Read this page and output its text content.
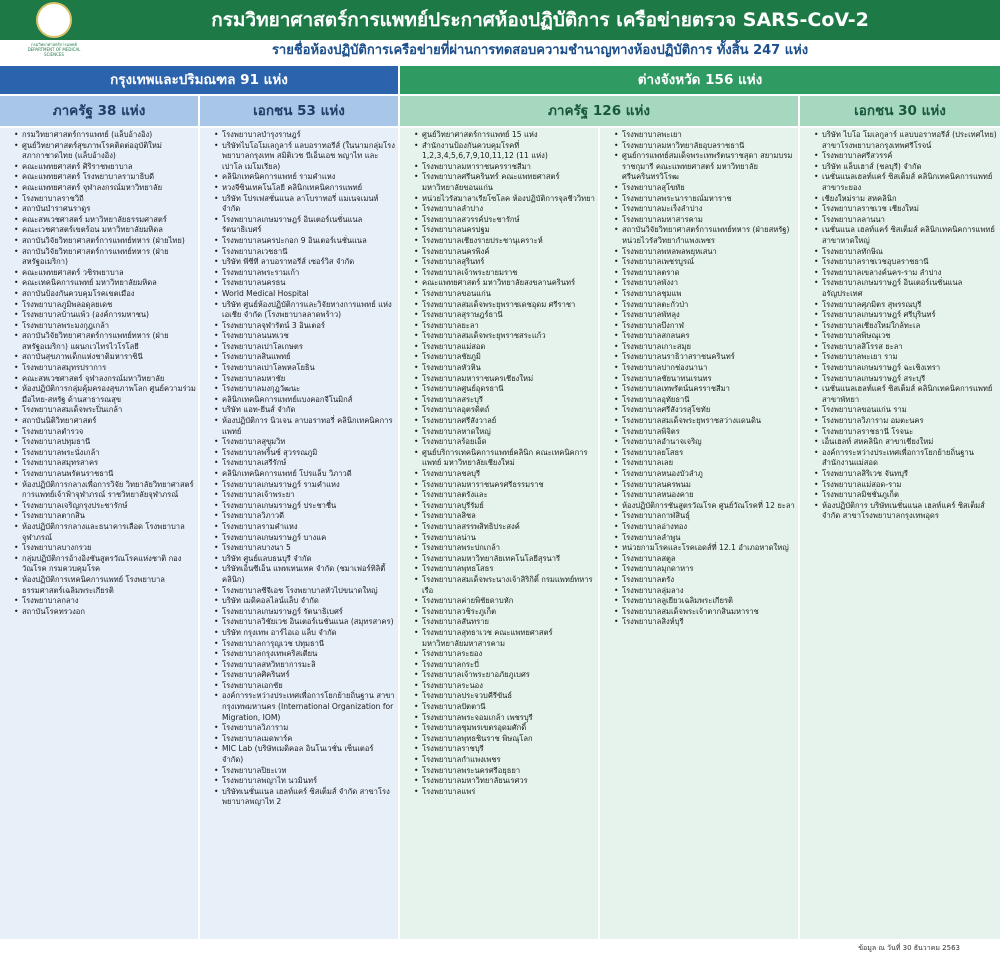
กรมวิทยาศาสตร์การแพทย์
DEPARTMENT OF MEDICAL SCIENCES
กรมวิทยาศาสตร์การแพทย์ประกาศห้องปฏิบัติการ เครือข่ายตรวจ SARS-CoV-2
รายชื่อห้องปฏิบัติการเครือข่ายที่ผ่านการทดสอบความชำนาญทางห้องปฏิบัติการ ทั้งสิ้น 247 แห่ง
กรุงเทพและปริมณฑล 91 แห่ง	ต่างจังหวัด 156 แห่ง
ภาครัฐ 38 แห่ง	เอกชน 53 แห่ง	ภาครัฐ 126 แห่ง	เอกชน 30 แห่ง
• กรมวิทยาศาสตร์การแพทย์ (แล็บอ้างอิง)
• ศูนย์วิทยาศาสตร์สุขภาพโรคติดต่ออุบัติใหม่ สภากาชาดไทย (แล็บอ้างอิง)
• คณะแพทยศาสตร์ ศิริราชพยาบาล
• คณะแพทยศาสตร์ โรงพยาบาลรามาธิบดี
• คณะแพทยศาสตร์ จุฬาลงกรณ์มหาวิทยาลัย
• โรงพยาบาลราชวิถี
• สถาบันบำราศนราดูร
• คณะสหเวชศาสตร์ มหาวิทยาลัยธรรมศาสตร์
• คณะเวชศาสตร์เขตร้อน มหาวิทยาลัยมหิดล
• สถาบันวิจัยวิทยาศาสตร์การแพทย์ทหาร (ฝ่ายไทย)
• สถาบันวิจัยวิทยาศาสตร์การแพทย์ทหาร (ฝ่ายสหรัฐอเมริกา)
• คณะแพทยศาสตร์ วชิรพยาบาล
• คณะเทคนิคการแพทย์ มหาวิทยาลัยมหิดล
• สถาบันป้องกันควบคุมโรคเขตเมือง
• โรงพยาบาลภูมิพลอดุลยเดช
• โรงพยาบาลบ้านแพ้ว (องค์การมหาชน)
• โรงพยาบาลพระมงกุฎเกล้า
• สถาบันวิจัยวิทยาศาสตร์การแพทย์ทหาร (ฝ่ายสหรัฐอเมริกา) แผนกเวไทรไวโรโลยี
• สถาบันสุขภาพเด็กแห่งชาติมหาราชินี
• โรงพยาบาลสมุทรปราการ
• คณะสหเวชศาสตร์ จุฬาลงกรณ์มหาวิทยาลัย
• ห้องปฏิบัติการกลุ่มคุ้มครองสุขภาพโลก ศูนย์ความร่วมมือไทย-สหรัฐ ด้านสาธารณสุข
• โรงพยาบาลสมเด็จพระปิ่นเกล้า
• สถาบันนิติวิทยาศาสตร์
• โรงพยาบาลตำรวจ
• โรงพยาบาลปทุมธานี
• โรงพยาบาลพระนั่งเกล้า
• โรงพยาบาลสมุทรสาคร
• โรงพยาบาลนพรัตนราชธานี
• ห้องปฏิบัติการกลางเพื่อการวิจัย วิทยาลัยวิทยาศาสตร์การแพทย์เจ้าฟ้าจุฬาภรณ์ ราชวิทยาลัยจุฬาภรณ์
• โรงพยาบาลเจริญกรุงประชารักษ์
• โรงพยาบาลตากสิน
• ห้องปฏิบัติการกลางและธนาคารเลือด โรงพยาบาลจุฬาภรณ์
• โรงพยาบาลบางกรวย
• กลุ่มปฏิบัติการอ้างอิงชันสูตรวัณโรคแห่งชาติ กองวัณโรค กรมควบคุมโรค
• ห้องปฏิบัติการเทคนิคการแพทย์ โรงพยาบาลธรรมศาสตร์เฉลิมพระเกียรติ
• โรงพยาบาลกลาง
• สถาบันโรคทรวงอก
• โรงพยาบาลบำรุงราษฎร์
• บริษัทไบโอโมเลกูลาร์ แลบอราทอรีส์ (ในนามกลุ่มโรงพยาบาลกรุงเทพ สมิติเวช บีเอ็นเอช พญาไท และเปาโล เมโมเรียล)
• คลินิกเทคนิคการแพทย์ รามคำแหง
• หวงจีซินเทคโนโลยี คลินิกเทคนิคการแพทย์
• บริษัท โปรเฟสชั่นแนล ลาโบราทอรี่ แมเนจเมนท์ จำกัด
• โรงพยาบาลเกษมราษฎร์ อินเตอร์เนชั่นแนล รัตนาธิเบศร์
• โรงพยาบาลนครปะกอก 9 อินเตอร์เนชั่นแนล
• โรงพยาบาลเวชธานี
• บริษัท พีซีที ลาบอราทอรีส์ เซอร์วิส จำกัด
• โรงพยาบาลพระรามเก้า
• โรงพยาบาลนครธน
• World Medical Hospital
• บริษัท ศูนย์ห้องปฏิบัติการและวิจัยทางการแพทย์ แห่งเอเชีย จำกัด (โรงพยาบาลลาดพร้าว)
• โรงพยาบาลจุฬารัตน์ 3 อินเตอร์
• โรงพยาบาลนนทเวช
• โรงพยาบาลเปาโลเกษตร
• โรงพยาบาลสินแพทย์
• โรงพยาบาลเปาโลพหลโยธิน
• โรงพยาบาลมหาชัย
• โรงพยาบาลมงกุฎวัฒนะ
• คลินิกเทคนิคการแพทย์แบงคอกจีโนมิกส์
• บริษัท แอท-ยีนส์ จำกัด
• ห้องปฏิบัติการ นิวเจน ลาบอราทอรี่ คลินิกเทคนิคการแพทย์
• โรงพยาบาลสุขุมวิท
• โรงพยาบาลพริ้นซ์ สุวรรณภูมิ
• โรงพยาบาลเสรีรักษ์
• คลินิกเทคนิคการแพทย์ โปรแล็บ วิภาวดี
• โรงพยาบาลเกษมราษฎร์ รามคำแหง
• โรงพยาบาลเจ้าพระยา
• โรงพยาบาลเกษมราษฎร์ ประชาชื่น
• โรงพยาบาลวิภาวดี
• โรงพยาบาลรามคำแหง
• โรงพยาบาลเกษมราษฎร์ บางแค
• โรงพยาบาลบางนา 5
• บริษัท ศูนย์แลบธนบุรี จำกัด
• บริษัทเอ็นซีเอ็น แพทเทนเทค จำกัด (ชมาเฟอร์ทิลิตี้ คลินิก)
• โรงพยาบาลซีจีเอช โรงพยาบาลหัวไปขนาดใหญ่
• บริษัท เมดิคอลไลน์แล็บ จำกัด
• โรงพยาบาลเกษมราษฎร์ รัตนาธิเบศร์
• โรงพยาบาลวิชัยเวช อินเตอร์เนชั่นแนล (สมุทรสาคร)
• บริษัท กรุงเทพ อาร์ไอเอ แล็บ จำกัด
• โรงพยาบาลการุญเวช ปทุมธานี
• โรงพยาบาลกรุงเทพคริสเตียน
• โรงพยาบาลสหวิทยาการมะลิ
• โรงพยาบาลศิครินทร์
• โรงพยาบาลเอกชัย
• องค์การระหว่างประเทศเพื่อการโยกย้ายถิ่นฐาน สาขากรุงเทพมหานคร (International Organization for Migration, IOM)
• โรงพยาบาลวิภาราม
• โรงพยาบาลเมดพาร์ค
• MIC Lab (บริษัทเมดิคอล อินโนเวชั่น เซ็นเตอร์ จำกัด)
• โรงพยาบาลปิยะเวท
• โรงพยาบาลพญาไท นวมินทร์
• บริษัทเนชั่นแนล เฮลท์แคร์ ซิสเต็มส์ จำกัด สาขาโรงพยาบาลพญาไท 2
• ศูนย์วิทยาศาสตร์การแพทย์ 15 แห่ง
• สำนักงานป้องกันควบคุมโรคที่ 1,2,3,4,5,6,7,9,10,11,12 (11 แห่ง)
• โรงพยาบาลมหาราชนครราชสีมา
• โรงพยาบาลศรีนครินทร์ คณะแพทยศาสตร์ มหาวิทยาลัยขอนแก่น
• หน่วยไวรัสมาลาเรียโซโลค ห้องปฏิบัติการจุลชีววิทยา
• โรงพยาบาลลำปาง
• โรงพยาบาลสวรรค์ประชารักษ์
• โรงพยาบาลนครปฐม
• โรงพยาบาลเชียงรายประชานุเคราะห์
• โรงพยาบาลนครพิงค์
• โรงพยาบาลสุรินทร์
• โรงพยาบาลเจ้าพระยายมราช
• คณะแพทยศาสตร์ มหาวิทยาลัยสงขลานครินทร์
• โรงพยาบาลขอนแก่น
• โรงพยาบาลสมเด็จพระยุพราชเดชอุดม ศรีราชา
• โรงพยาบาลสุราษฎร์ธานี
• โรงพยาบาลยะลา
• โรงพยาบาลสมเด็จพระยุพราชสระแก้ว
• โรงพยาบาลแม่สอด
• โรงพยาบาลชัยภูมิ
• โรงพยาบาลหัวหิน
• โรงพยาบาลมหาราชนครเชียงใหม่
• โรงพยาบาลศูนย์อุดรธานี
• โรงพยาบาลสระบุรี
• โรงพยาบาลอุตรดิตถ์
• โรงพยาบาลศรีสังวาลย์
• โรงพยาบาลหาดใหญ่
• โรงพยาบาลร้อยเอ็ด
• ศูนย์บริการเทคนิคการแพทย์คลินิก คณะเทคนิคการแพทย์ มหาวิทยาลัยเชียงใหม่
• โรงพยาบาลชลบุรี
• โรงพยาบาลมหาราชนครศรีธรรมราช
• โรงพยาบาลตรังและ
• โรงพยาบาลบุรีรัมย์
• โรงพยาบาลสิชล
• โรงพยาบาลสรรพสิทธิประสงค์
• โรงพยาบาลน่าน
• โรงพยาบาลพระปกเกล้า
• โรงพยาบาลมหาวิทยาลัยเทคโนโลยีสุรนารี
• โรงพยาบาลพุทธโสธร
• โรงพยาบาลสมเด็จพระนางเจ้าสิริกิติ์ กรมแพทย์ทหารเรือ
• โรงพยาบาลค่ายพิชัยดาบหัก
• โรงพยาบาลวชิระภูเก็ต
• โรงพยาบาลสันทราย
• โรงพยาบาลสุทธาเวช คณะแพทยศาสตร์ มหาวิทยาลัยมหาสารคาม
• โรงพยาบาลระยอง
• โรงพยาบาลกระบี่
• โรงพยาบาลเจ้าพระยาอภัยภูเบศร
• โรงพยาบาลระนอง
• โรงพยาบาลประจวบคีรีขันธ์
• โรงพยาบาลปัตตานี
• โรงพยาบาลพระจอมเกล้า เพชรบุรี
• โรงพยาบาลชุมพรเขตรอุดมศักดิ์
• โรงพยาบาลพุทธชินราช พิษณุโลก
• โรงพยาบาลราชบุรี
• โรงพยาบาลกำแพงเพชร
• โรงพยาบาลพระนครศรีอยุธยา
• โรงพยาบาลมหาวิทยาลัยนเรศวร
• โรงพยาบาลแพร่
• โรงพยาบาลพะเยา
• โรงพยาบาลมหาวิทยาลัยอุบลราชธานี
• ศูนย์การแพทย์สมเด็จพระเทพรัตนราชสุดา สยามบรมราชกุมารี คณะแพทยศาสตร์ มหาวิทยาลัยศรีนครินทรวิโรฒ
• โรงพยาบาลสุโขทัย
• โรงพยาบาลพระนารายณ์มหาราช
• โรงพยาบาลมะเร็งลำปาง
• โรงพยาบาลมหาสารคาม
• สถาบันวิจัยวิทยาศาสตร์การแพทย์ทหาร (ฝ่ายสหรัฐ) หน่วยไวรัสวิทยากำแพงเพชร
• โรงพยาบาลพหลพลพยุหเสนา
• โรงพยาบาลเพชรบูรณ์
• โรงพยาบาลตราด
• โรงพยาบาลพังงา
• โรงพยาบาลชุมแพ
• โรงพยาบาลตะกั่วป่า
• โรงพยาบาลพัทลุง
• โรงพยาบาลบึงกาฬ
• โรงพยาบาลสกลนคร
• โรงพยาบาลเกาะสมุย
• โรงพยาบาลนราธิวาสราชนครินทร์
• โรงพยาบาลปากช่องนานา
• โรงพยาบาลชัยนาทนเรนทร
• โรงพยาบาลเทพรัตน์นครราชสีมา
• โรงพยาบาลอุทัยธานี
• โรงพยาบาลศรีสังวรสุโขทัย
• โรงพยาบาลสมเด็จพระยุพราชสว่างแดนดิน
• โรงพยาบาลพิจิตร
• โรงพยาบาลอำนาจเจริญ
• โรงพยาบาลยโสธร
• โรงพยาบาลเลย
• โรงพยาบาลหนองบัวลำภู
• โรงพยาบาลนครพนม
• โรงพยาบาลหนองคาย
• ห้องปฏิบัติการชันสูตรวัณโรค ศูนย์วัณโรคที่ 12 ยะลา
• โรงพยาบาลกาฬสินธุ์
• โรงพยาบาลอ่างทอง
• โรงพยาบาลลำพูน
• หน่วยกามโรคและโรคเอดส์ที่ 12.1 อำเภอหาดใหญ่
• โรงพยาบาลสตูล
• โรงพยาบาลมุกดาหาร
• โรงพยาบาลตรัง
• โรงพยาบาลลุ่มลาง
• โรงพยาบาลลูเยียวเฉลิมพระเกียรติ
• โรงพยาบาลสมเด็จพระเจ้าตากสินมหาราช
• โรงพยาบาลสิงห์บุรี
• บริษัท ไบโอ โมเลกูลาร์ แลบบอราทอรีส์ (ประเทศไทย) สาขาโรงพยาบาลกรุงเทพศรีโรจน์
• โรงพยาบาลศรีสวรรค์
• บริษัท แล็บเฮาส์ (ชลบุรี) จำกัด
• เนชั่นแนลเฮลท์แคร์ ซิสเต็มส์ คลินิกเทคนิคการแพทย์ สาขาระยอง
• เชียงใหม่ราม สหคลินิก
• โรงพยาบาลราชเวช เชียงใหม่
• โรงพยาบาลลานนา
• เนชั่นแนล เฮลท์แคร์ ซิสเต็มส์ คลินิกเทคนิคการแพทย์ สาขาหาดใหญ่
• โรงพยาบาลทักษิณ
• โรงพยาบาลราชเวชอุบลราชธานี
• โรงพยาบาลเขลางค์นคร-ราม ลำปาง
• โรงพยาบาลเกษมราษฎร์ อินเตอร์เนชั่นแนล อรัญประเทศ
• โรงพยาบาลศุภมิตร สุพรรณบุรี
• โรงพยาบาลเกษมราษฎร์ ศรีบุรินทร์
• โรงพยาบาลเชียงใหม่ใกล้ทะเล
• โรงพยาบาลพิษณุเวช
• โรงพยาบาลสิโรรส ยะลา
• โรงพยาบาลพะเยา ราม
• โรงพยาบาลเกษมราษฎร์ ฉะเชิงเทรา
• โรงพยาบาลเกษมราษฎร์ สระบุรี
• เนชั่นแนลเฮลท์แคร์ ซิสเต็มส์ คลินิกเทคนิคการแพทย์ สาขาพัทยา
• โรงพยาบาลขอนแก่น ราม
• โรงพยาบาลวิภาราม อมตะนคร
• โรงพยาบาลราชธานี โรจนะ
• เอ็นเฮลท์ สหคลินิก สาขาเชียงใหม่
• องค์การระหว่างประเทศเพื่อการโยกย้ายถิ่นฐาน สำนักงานแม่สอด
• โรงพยาบาลสิริเวช จันทบุรี
• โรงพยาบาลแม่สอด-ราม
• โรงพยาบาลมิชชั่นภูเก็ต
• ห้องปฏิบัติการ บริษัทเนชั่นแนล เฮลท์แคร์ ซิสเต็มส์ จำกัด สาขาโรงพยาบาลกรุงเทพอุดร
ข้อมูล ณ วันที่ 30 ธันวาคม 2563
